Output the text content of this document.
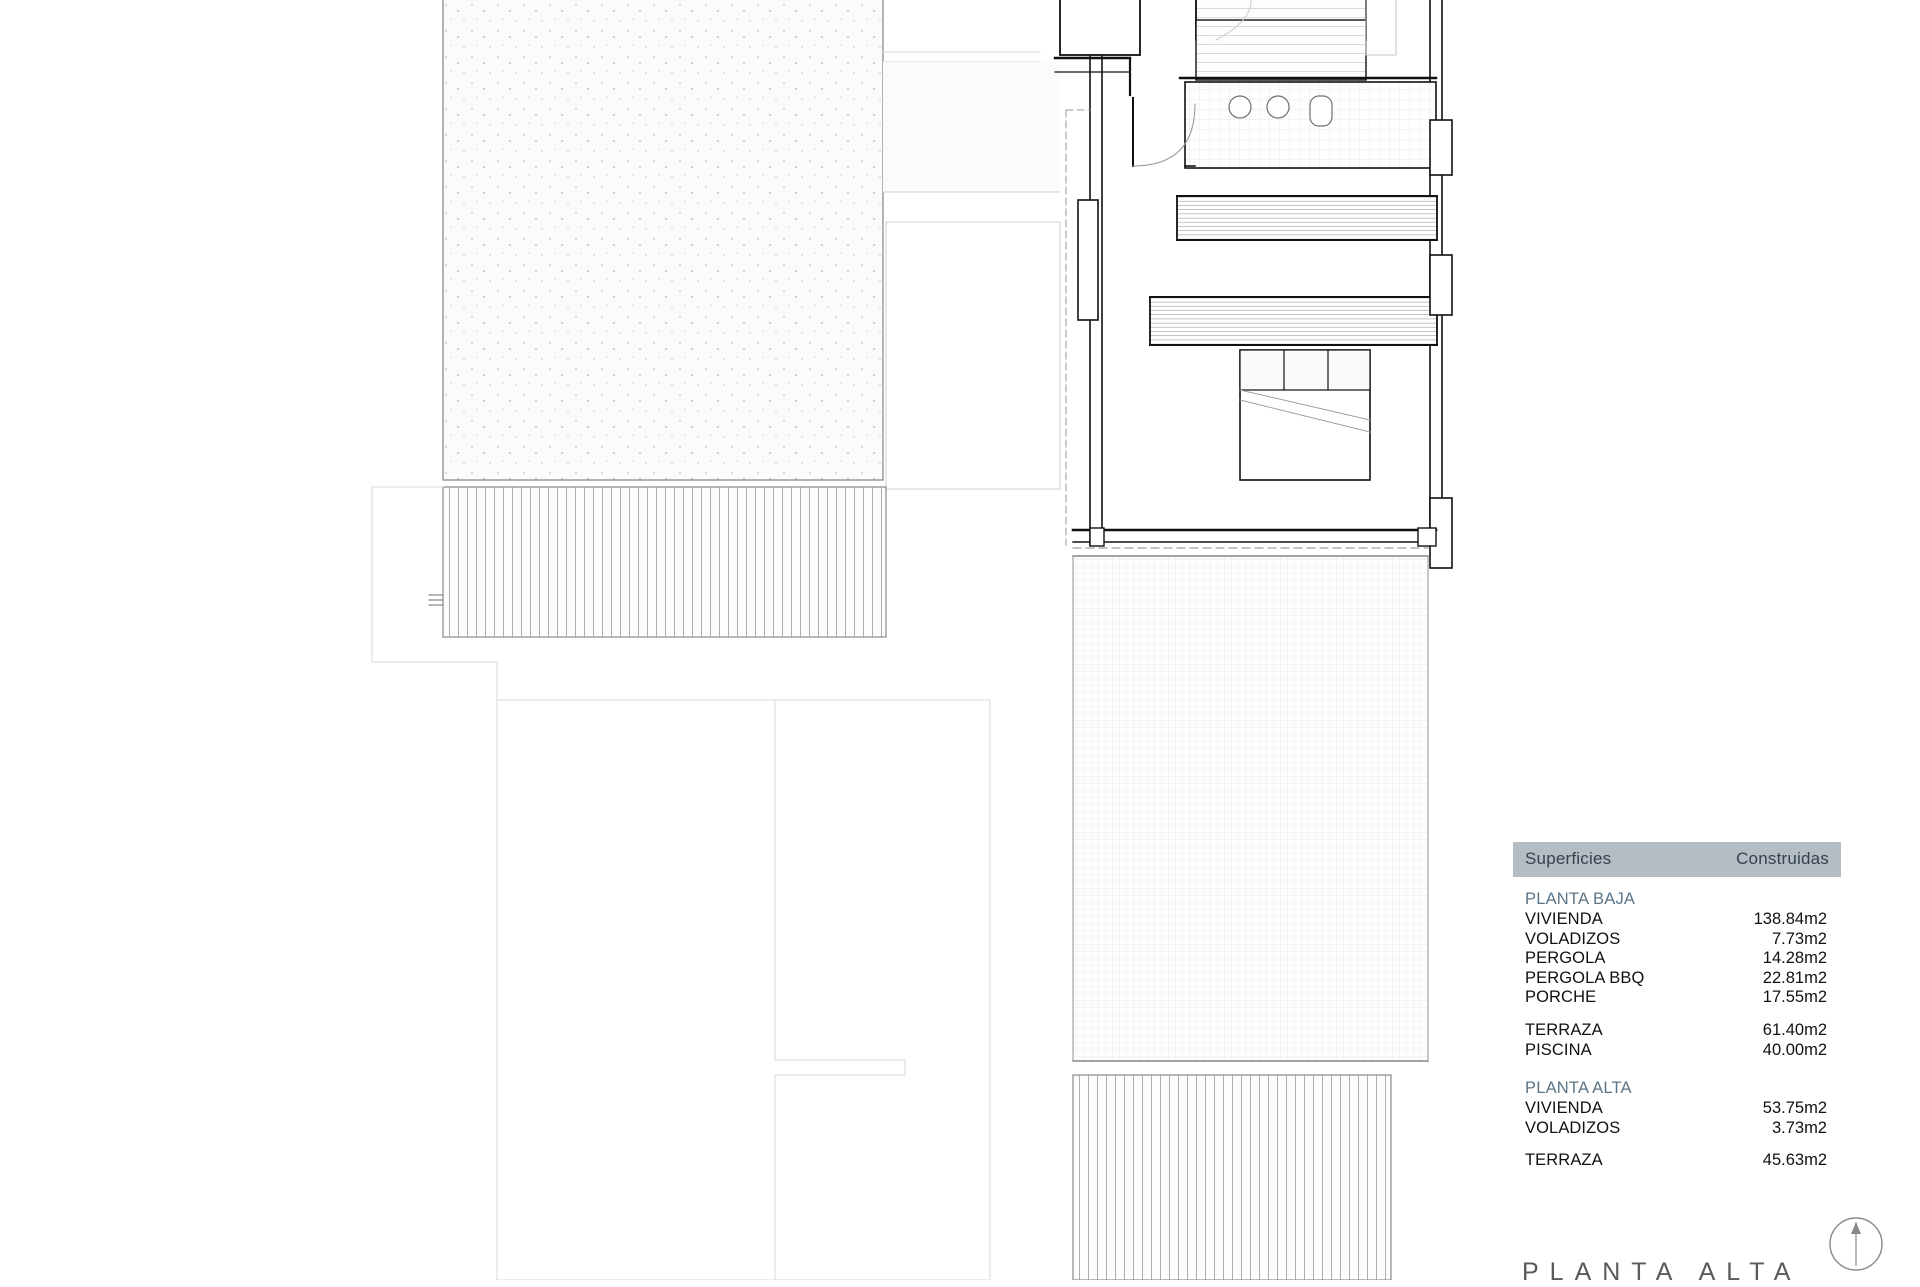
Superficies	Construidas
PLANTA BAJA
VIVIENDA	138.84m2
VOLADIZOS	7.73m2
PERGOLA	14.28m2
PERGOLA BBQ	22.81m2
PORCHE	17.55m2
TERRAZA	61.40m2
PISCINA	40.00m2
PLANTA ALTA
VIVIENDA	53.75m2
VOLADIZOS	3.73m2
TERRAZA	45.63m2
PLANTA ALTA
